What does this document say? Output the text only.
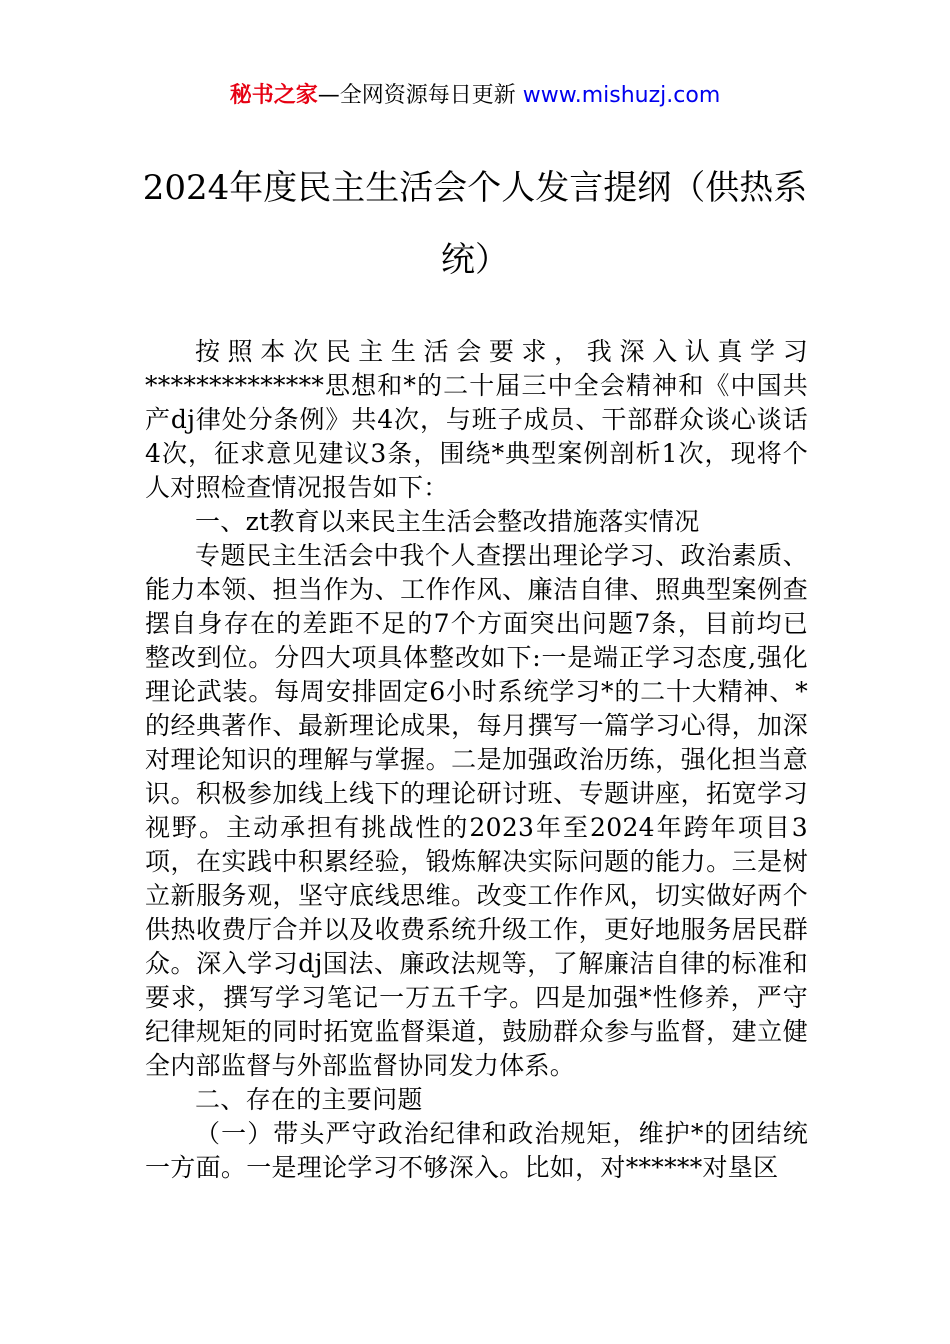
秘书之家—全网资源每日更新 www.mishuzj.com
2024年度民主生活会个人发言提纲（供热系统）

按照本次民主生活会要求，我深入认真学习**************思想和*的二十届三中全会精神和《中国共产dj律处分条例》共4次，与班子成员、干部群众谈心谈话4次，征求意见建议3条，围绕*典型案例剖析1次，现将个人对照检查情况报告如下：

一、zt教育以来民主生活会整改措施落实情况

专题民主生活会中我个人查摆出理论学习、政治素质、能力本领、担当作为、工作作风、廉洁自律、照典型案例查摆自身存在的差距不足的7个方面突出问题7条，目前均已整改到位。分四大项具体整改如下:一是端正学习态度,强化理论武装。每周安排固定6小时系统学习*的二十大精神、*的经典著作、最新理论成果，每月撰写一篇学习心得，加深对理论知识的理解与掌握。二是加强政治历练，强化担当意识。积极参加线上线下的理论研讨班、专题讲座，拓宽学习视野。主动承担有挑战性的2023年至2024年跨年项目3项，在实践中积累经验，锻炼解决实际问题的能力。三是树立新服务观，坚守底线思维。改变工作作风，切实做好两个供热收费厅合并以及收费系统升级工作，更好地服务居民群众。深入学习dj国法、廉政法规等，了解廉洁自律的标准和要求，撰写学习笔记一万五千字。四是加强*性修养，严守纪律规矩的同时拓宽监督渠道，鼓励群众参与监督，建立健全内部监督与外部监督协同发力体系。

二、存在的主要问题

（一）带头严守政治纪律和政治规矩，维护*的团结统一方面。一是理论学习不够深入。比如，对******对垦区
